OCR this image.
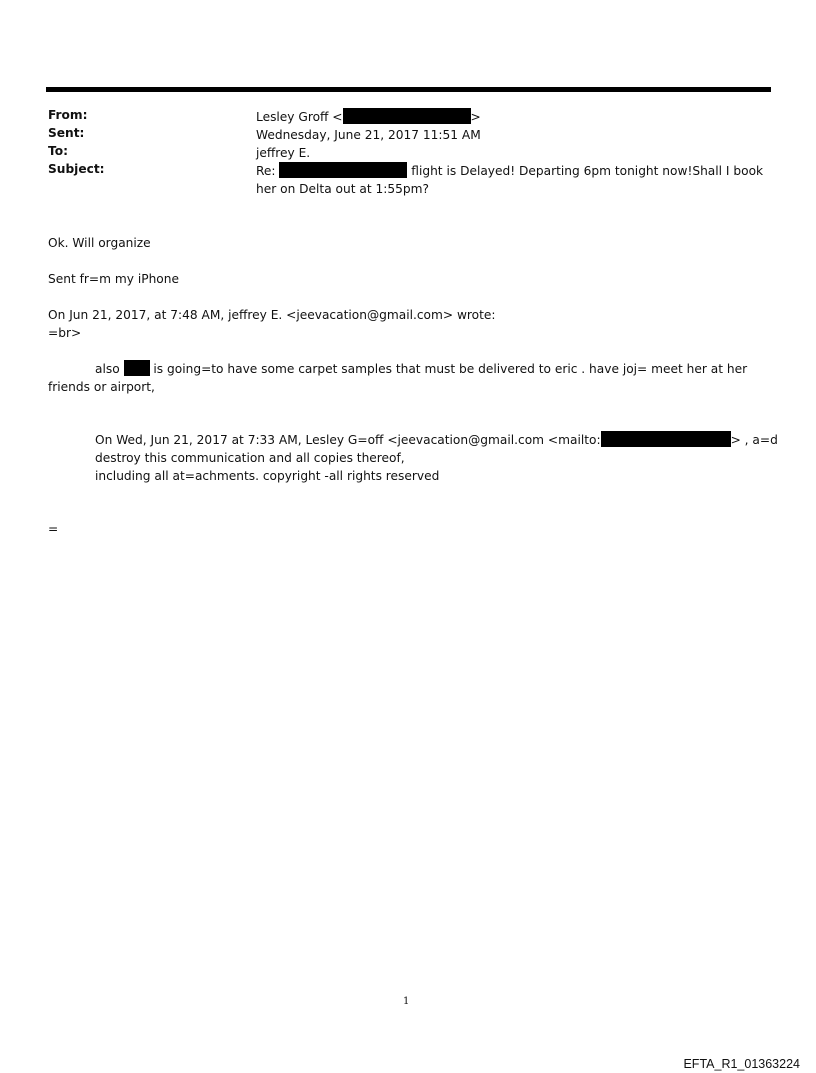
From:	Lesley Groff <	>
Sent:	Wednesday, June 21, 2017 11:51 AM
To:	jeffrey E.
Subject:	Re:	flight is Delayed! Departing 6pm tonight now!Shall I book
her on Delta out at 1:55pm?
Ok. Will organize
Sent fr=m my iPhone
On Jun 21, 2017, at 7:48 AM, jeffrey E. <jeevacation@gmail.com> wrote:
=br>
also	is going=to have some carpet samples that must be delivered to eric . have joj= meet her at her
friends or airport,
On Wed, Jun 21, 2017 at 7:33 AM, Lesley G=off <jeevacation@gmail.com <mailto:	> , a=d
destroy this communication and all copies thereof,
including all at=achments. copyright -all rights reserved
=
1
EFTA_R1_01363224
